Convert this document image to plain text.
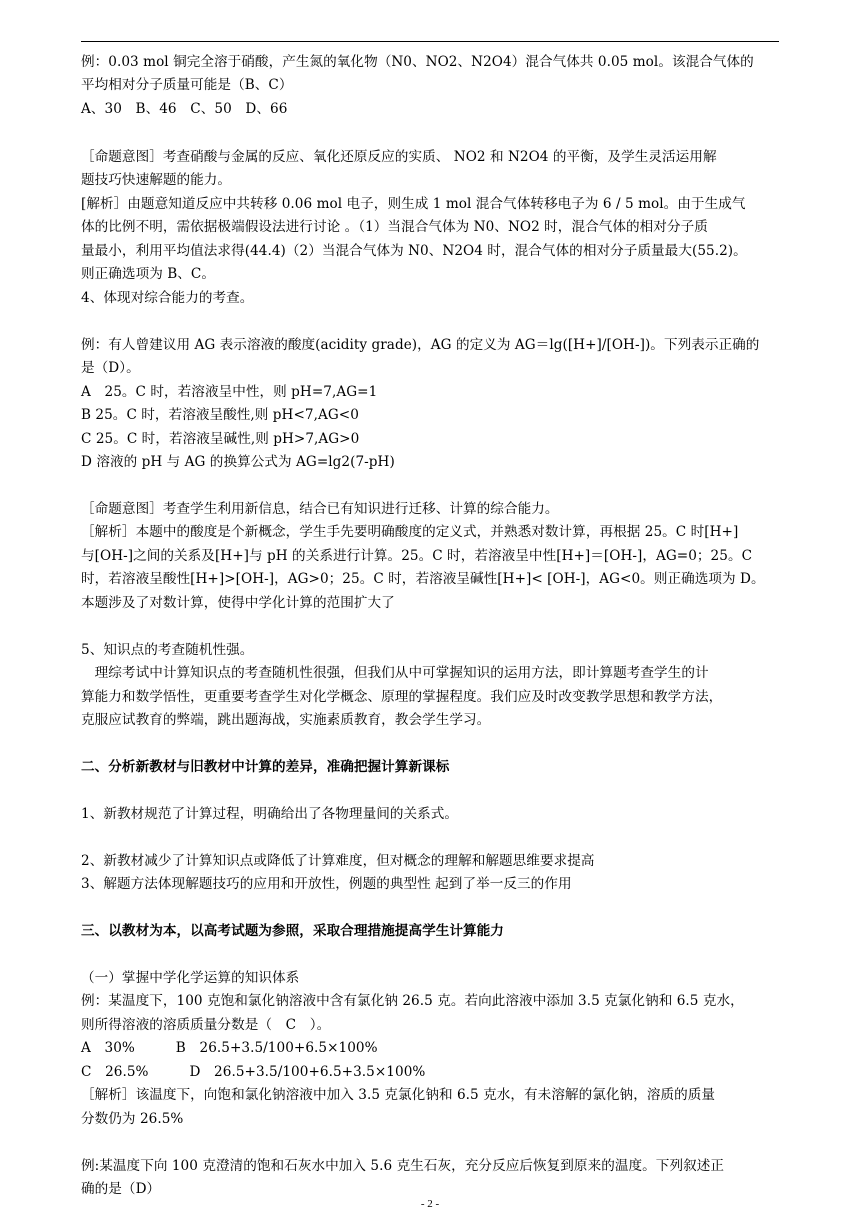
例：0.03 mol 铜完全溶于硝酸，产生氮的氧化物（N0、NO2、N2O4）混合气体共 0.05 mol。该混合气体的
平均相对分子质量可能是（B、C）
A、30　B、46　C、50　D、66
［命题意图］考查硝酸与金属的反应、氧化还原反应的实质、 NO2 和 N2O4 的平衡，及学生灵活运用解
题技巧快速解题的能力。
[解析］由题意知道反应中共转移 0.06 mol 电子，则生成 1 mol 混合气体转移电子为 6 / 5 mol。由于生成气
体的比例不明，需依据极端假设法进行讨论 。（1）当混合气体为 N0、NO2 时，混合气体的相对分子质
量最小，利用平均值法求得(44.4)（2）当混合气体为 N0、N2O4 时，混合气体的相对分子质量最大(55.2)。
则正确选项为 B、C。
4、体现对综合能力的考查。
例：有人曾建议用 AG 表示溶液的酸度(acidity grade)，AG 的定义为 AG＝lg([H+]/[OH-])。下列表示正确的
是（D）。
A　25。C 时，若溶液呈中性，则 pH=7,AG=1
B 25。C 时，若溶液呈酸性,则 pH<7,AG<0
C 25。C 时，若溶液呈碱性,则 pH>7,AG>0
D 溶液的 pH 与 AG 的换算公式为 AG=lg2(7-pH)
［命题意图］考查学生利用新信息，结合已有知识进行迁移、计算的综合能力。
［解析］本题中的酸度是个新概念，学生手先要明确酸度的定义式，并熟悉对数计算，再根据 25。C 时[H+]
与[OH-]之间的关系及[H+]与 pH 的关系进行计算。25。C 时，若溶液呈中性[H+]＝[OH-]，AG=0；25。C
时，若溶液呈酸性[H+]>[OH-]，AG>0；25。C 时，若溶液呈碱性[H+]< [OH-]，AG<0。则正确选项为 D。
本题涉及了对数计算，使得中学化计算的范围扩大了
5、知识点的考查随机性强。
　理综考试中计算知识点的考查随机性很强，但我们从中可掌握知识的运用方法，即计算题考查学生的计
算能力和数学悟性，更重要考查学生对化学概念、原理的掌握程度。我们应及时改变教学思想和教学方法，
克服应试教育的弊端，跳出题海战，实施素质教育，教会学生学习。
二、分析新教材与旧教材中计算的差异，准确把握计算新课标
1、新教材规范了计算过程，明确给出了各物理量间的关系式。
2、新教材减少了计算知识点或降低了计算难度，但对概念的理解和解题思维要求提高
3、解题方法体现解题技巧的应用和开放性，例题的典型性 起到了举一反三的作用
三、以教材为本，以高考试题为参照，采取合理措施提高学生计算能力
（一）掌握中学化学运算的知识体系
例：某温度下，100 克饱和氯化钠溶液中含有氯化钠 26.5 克。若向此溶液中添加 3.5 克氯化钠和 6.5 克水，
则所得溶液的溶质质量分数是（　C　）。
A　30%　　　B　26.5+3.5/100+6.5×100%
C　26.5%　　　D　26.5+3.5/100+6.5+3.5×100%
［解析］该温度下，向饱和氯化钠溶液中加入 3.5 克氯化钠和 6.5 克水，有未溶解的氯化钠，溶质的质量
分数仍为 26.5%
例:某温度下向 100 克澄清的饱和石灰水中加入 5.6 克生石灰，充分反应后恢复到原来的温度。下列叙述正
确的是（D）
- 2 -
